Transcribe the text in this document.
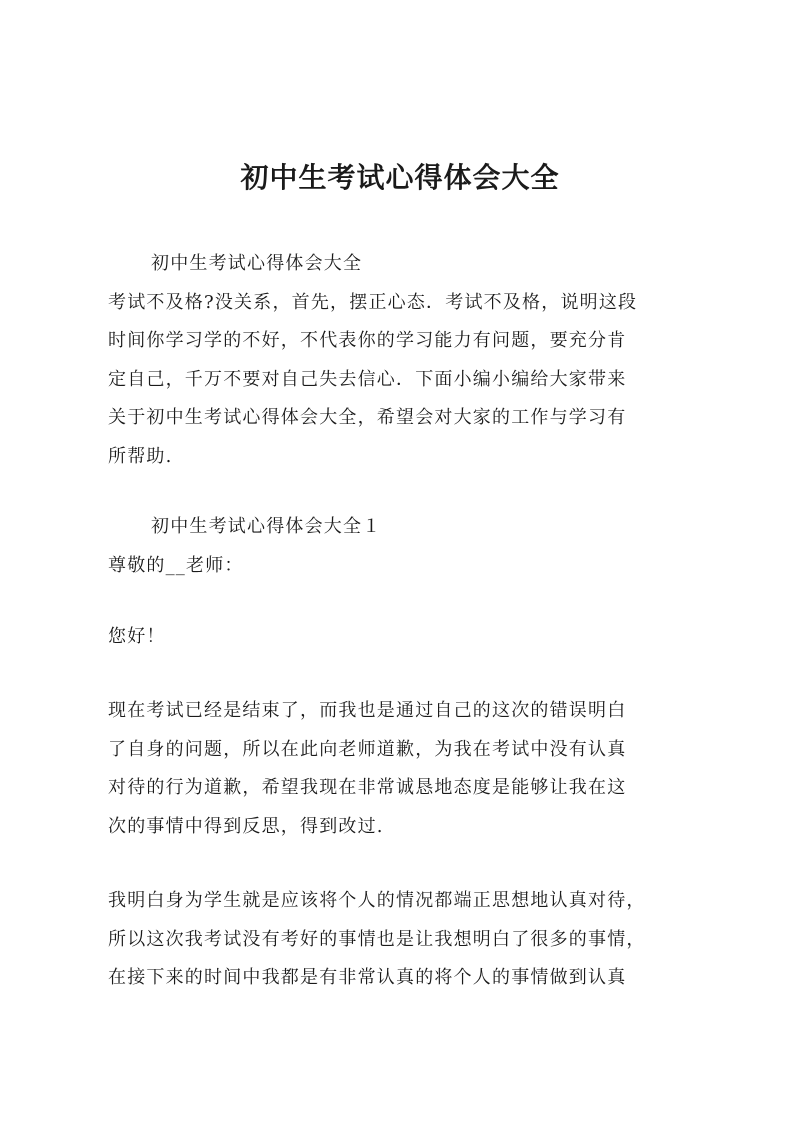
初中生考试心得体会大全
初中生考试心得体会大全
考试不及格?没关系，首先，摆正心态．考试不及格，说明这段
时间你学习学的不好，不代表你的学习能力有问题，要充分肯
定自己，千万不要对自己失去信心．下面小编小编给大家带来
关于初中生考试心得体会大全，希望会对大家的工作与学习有
所帮助.
初中生考试心得体会大全１
尊敬的__老师：
您好！
现在考试已经是结束了，而我也是通过自己的这次的错误明白
了自身的问题，所以在此向老师道歉，为我在考试中没有认真
对待的行为道歉，希望我现在非常诚恳地态度是能够让我在这
次的事情中得到反思，得到改过.
我明白身为学生就是应该将个人的情况都端正思想地认真对待，
所以这次我考试没有考好的事情也是让我想明白了很多的事情，
在接下来的时间中我都是有非常认真的将个人的事情做到认真
